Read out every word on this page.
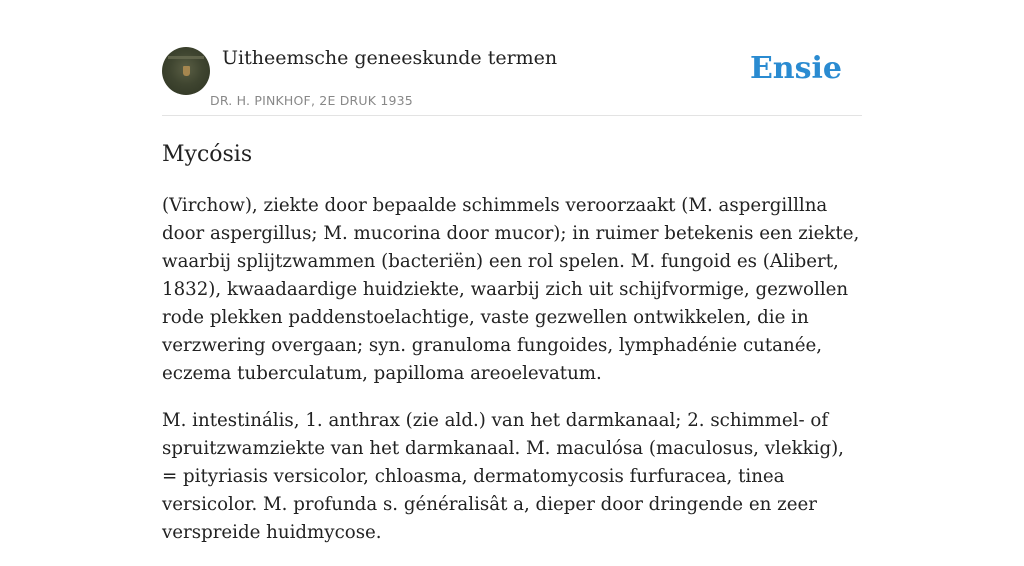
Uitheemsche geneeskunde termen
DR. H. PINKHOF, 2E DRUK 1935
Ensie
Mycósis

(Virchow), ziekte door bepaalde schimmels veroorzaakt (M. aspergilllna door aspergillus; M. mucorina door mucor); in ruimer betekenis een ziekte, waarbij splijtzwammen (bacteriën) een rol spelen. M. fungoid es (Alibert, 1832), kwaadaardige huidziekte, waarbij zich uit schijfvormige, gezwollen rode plekken paddenstoelachtige, vaste gezwellen ontwikkelen, die in verzwering overgaan; syn. granuloma fungoides, lymphadénie cutanée, eczema tuberculatum, papilloma areoelevatum.

M. intestinális, 1. anthrax (zie ald.) van het darmkanaal; 2. schimmel- of spruitzwamziekte van het darmkanaal. M. maculósa (maculosus, vlekkig), = pityriasis versicolor, chloasma, dermatomycosis furfuracea, tinea versicolor. M. profunda s. généralisât a, dieper door dringende en zeer verspreide huidmycose.
